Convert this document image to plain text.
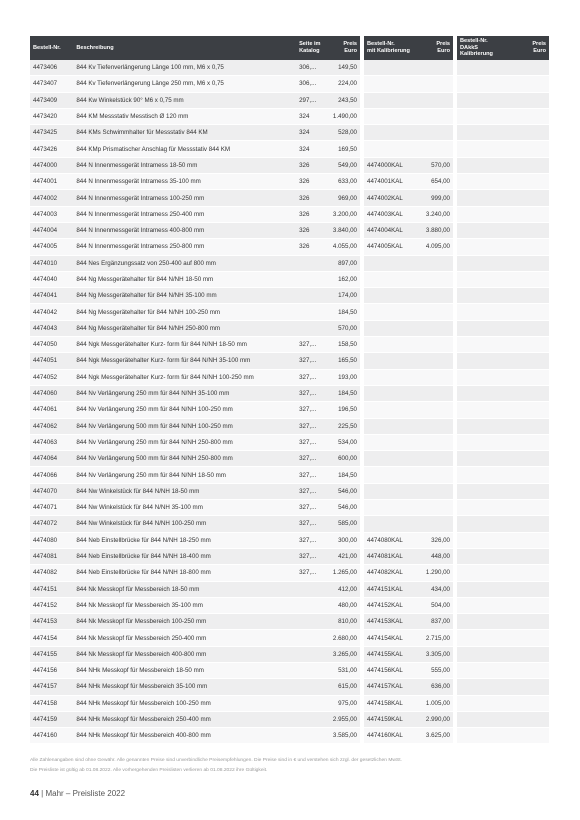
Bestell-Nr.	Beschreibung	Seite im
Katalog	Preis
Euro
4473406	844 Kv Tiefenverlängerung Länge 100 mm, M6 x 0,75	306,...	149,50
4473407	844 Kv Tiefenverlängerung Länge 250 mm, M6 x 0,75	306,...	224,00
4473409	844 Kw Winkelstück 90° M6 x 0,75 mm	297,...	243,50
4473420	844 KM Messstativ Messtisch Ø 120 mm	324	1.490,00
4473425	844 KMs Schwimmhalter für Messstativ 844 KM	324	528,00
4473426	844 KMp Prismatischer Anschlag für Messstativ 844 KM	324	169,50
4474000	844 N Innenmessgerät Intramess 18-50 mm	326	549,00
4474001	844 N Innenmessgerät Intramess 35-100 mm	326	633,00
4474002	844 N Innenmessgerät Intramess 100-250 mm	326	969,00
4474003	844 N Innenmessgerät Intramess 250-400 mm	326	3.200,00
4474004	844 N Innenmessgerät Intramess 400-800 mm	326	3.840,00
4474005	844 N Innenmessgerät Intramess 250-800 mm	326	4.055,00
4474010	844 Nes Ergänzungssatz von 250-400 auf 800 mm		897,00
4474040	844 Ng Messgerätehalter für 844 N/NH 18-50 mm		162,00
4474041	844 Ng Messgerätehalter für 844 N/NH 35-100 mm		174,00
4474042	844 Ng Messgerätehalter für 844 N/NH 100-250 mm		184,50
4474043	844 Ng Messgerätehalter für 844 N/NH 250-800 mm		570,00
4474050	844 Ngk Messgerätehalter Kurz- form für 844 N/NH 18-50 mm	327,...	158,50
4474051	844 Ngk Messgerätehalter Kurz- form für 844 N/NH 35-100 mm	327,...	165,50
4474052	844 Ngk Messgerätehalter Kurz- form für 844 N/NH 100-250 mm	327,...	193,00
4474060	844 Nv Verlängerung 250 mm für 844 N/NH 35-100 mm	327,...	184,50
4474061	844 Nv Verlängerung 250 mm für 844 N/NH 100-250 mm	327,...	196,50
4474062	844 Nv Verlängerung 500 mm für 844 N/NH 100-250 mm	327,...	225,50
4474063	844 Nv Verlängerung 250 mm für 844 N/NH 250-800 mm	327,...	534,00
4474064	844 Nv Verlängerung 500 mm für 844 N/NH 250-800 mm	327,...	600,00
4474066	844 Nv Verlängerung 250 mm für 844 N/NH 18-50 mm	327,...	184,50
4474070	844 Nw Winkelstück für 844 N/NH 18-50 mm	327,...	546,00
4474071	844 Nw Winkelstück für 844 N/NH 35-100 mm	327,...	546,00
4474072	844 Nw Winkelstück für 844 N/NH 100-250 mm	327,...	585,00
4474080	844 Neb Einstellbrücke für 844 N/NH 18-250 mm	327,...	300,00
4474081	844 Neb Einstellbrücke für 844 N/NH 18-400 mm	327,...	421,00
4474082	844 Neb Einstellbrücke für 844 N/NH 18-800 mm	327,...	1.265,00
4474151	844 Nk Messkopf für Messbereich 18-50 mm		412,00
4474152	844 Nk Messkopf für Messbereich 35-100 mm		480,00
4474153	844 Nk Messkopf für Messbereich 100-250 mm		810,00
4474154	844 Nk Messkopf für Messbereich 250-400 mm		2.680,00
4474155	844 Nk Messkopf für Messbereich 400-800 mm		3.265,00
4474156	844 NHk Messkopf für Messbereich 18-50 mm		531,00
4474157	844 NHk Messkopf für Messbereich 35-100 mm		615,00
4474158	844 NHk Messkopf für Messbereich 100-250 mm		975,00
4474159	844 NHk Messkopf für Messbereich 250-400 mm		2.955,00
4474160	844 NHk Messkopf für Messbereich 400-800 mm		3.585,00
Bestell-Nr.
mit Kalibrierung	Preis
Euro

4474000KAL	570,00
4474001KAL	654,00
4474002KAL	999,00
4474003KAL	3.240,00
4474004KAL	3.880,00
4474005KAL	4.095,00

4474080KAL	326,00
4474081KAL	448,00
4474082KAL	1.290,00
4474151KAL	434,00
4474152KAL	504,00
4474153KAL	837,00
4474154KAL	2.715,00
4474155KAL	3.305,00
4474156KAL	555,00
4474157KAL	636,00
4474158KAL	1.005,00
4474159KAL	2.990,00
4474160KAL	3.625,00
Bestell-Nr.
DAkkS Kalibrierung	Preis
Euro

Alle Zahlenangaben sind ohne Gewähr. Alle genannten Preise sind unverbindliche Preisempfehlungen. Die Preise sind in € und verstehen sich zzgl. der gesetzlichen MwSt.
Die Preisliste ist gültig ab 01.08.2022. Alle vorhergehenden Preislisten verlieren ab 01.08.2022 ihre Gültigkeit.
44 | Mahr – Preisliste 2022
